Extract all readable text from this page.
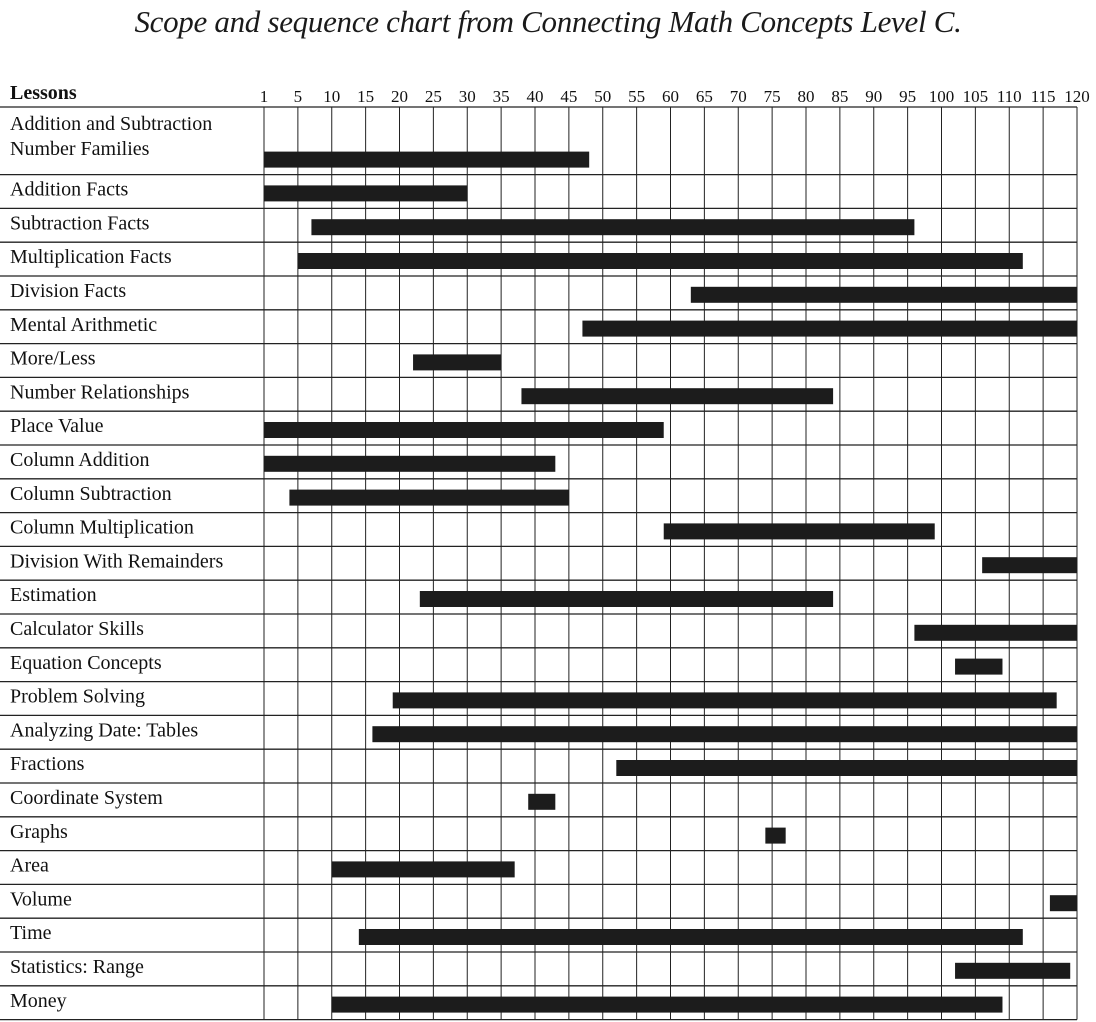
Scope and sequence chart from Connecting Math Concepts Level C.
Lessons	1 5 10 15 20 25 30 35 40 45 50 55 60 65 70 75 80 85 90 95 100 105 110 115 120
Addition and Subtraction
Number Families
Addition Facts
Subtraction Facts
Multiplication Facts
Division Facts
Mental Arithmetic
More/Less
Number Relationships
Place Value
Column Addition
Column Subtraction
Column Multiplication
Division With Remainders
Estimation
Calculator Skills
Equation Concepts
Problem Solving
Analyzing Date: Tables
Fractions
Coordinate System
Graphs
Area
Volume
Time
Statistics: Range
Money
